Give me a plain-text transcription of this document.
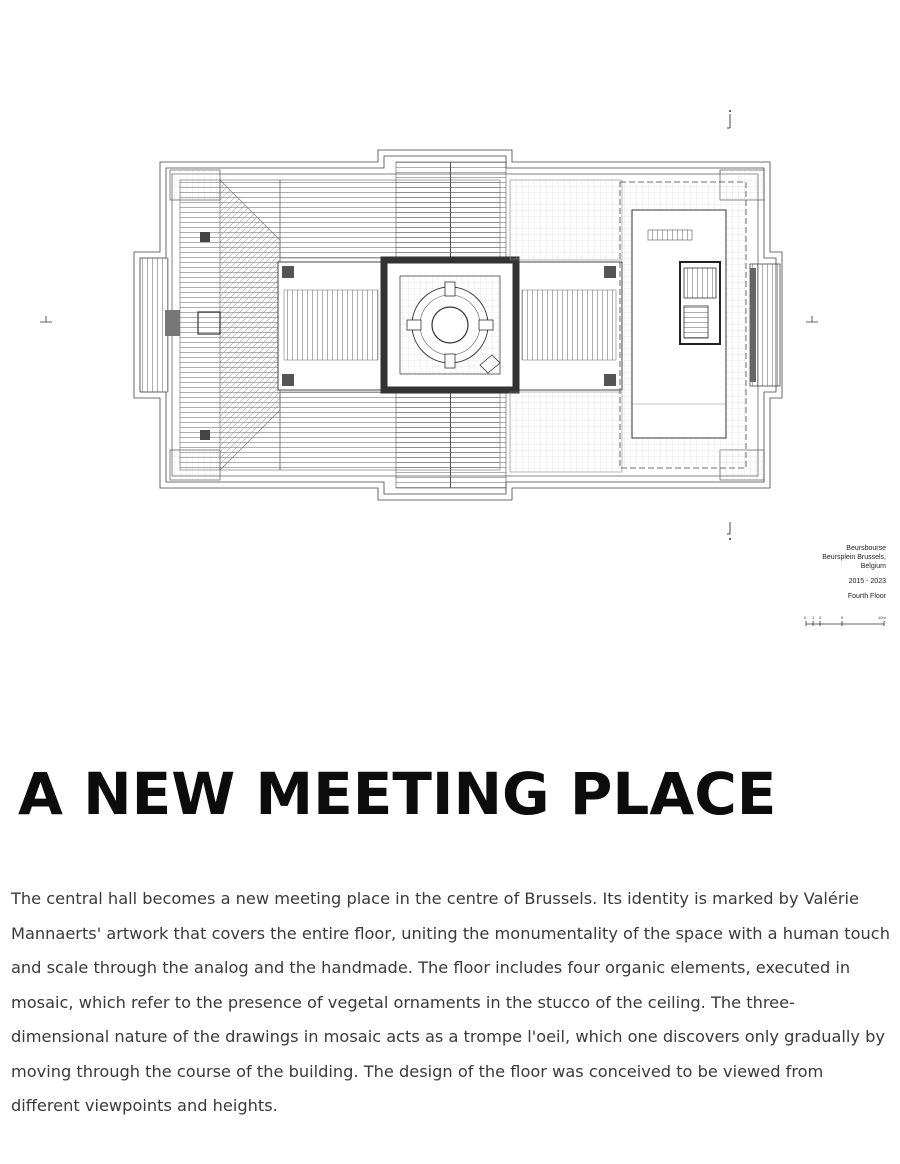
Beursbourse
Beursplein Brussels,
Belgium
2015 - 2023
Fourth Floor
0 1 2	5	10m
A NEW MEETING PLACE

The central hall becomes a new meeting place in the centre of Brussels. Its identity is marked by Valérie Mannaerts' artwork that covers the entire floor, uniting the monumentality of the space with a human touch and scale through the analog and the handmade. The floor includes four organic elements, executed in mosaic, which refer to the presence of vegetal ornaments in the stucco of the ceiling. The three-dimensional nature of the drawings in mosaic acts as a trompe l'oeil, which one discovers only gradually by moving through the course of the building. The design of the floor was conceived to be viewed from different viewpoints and heights.
